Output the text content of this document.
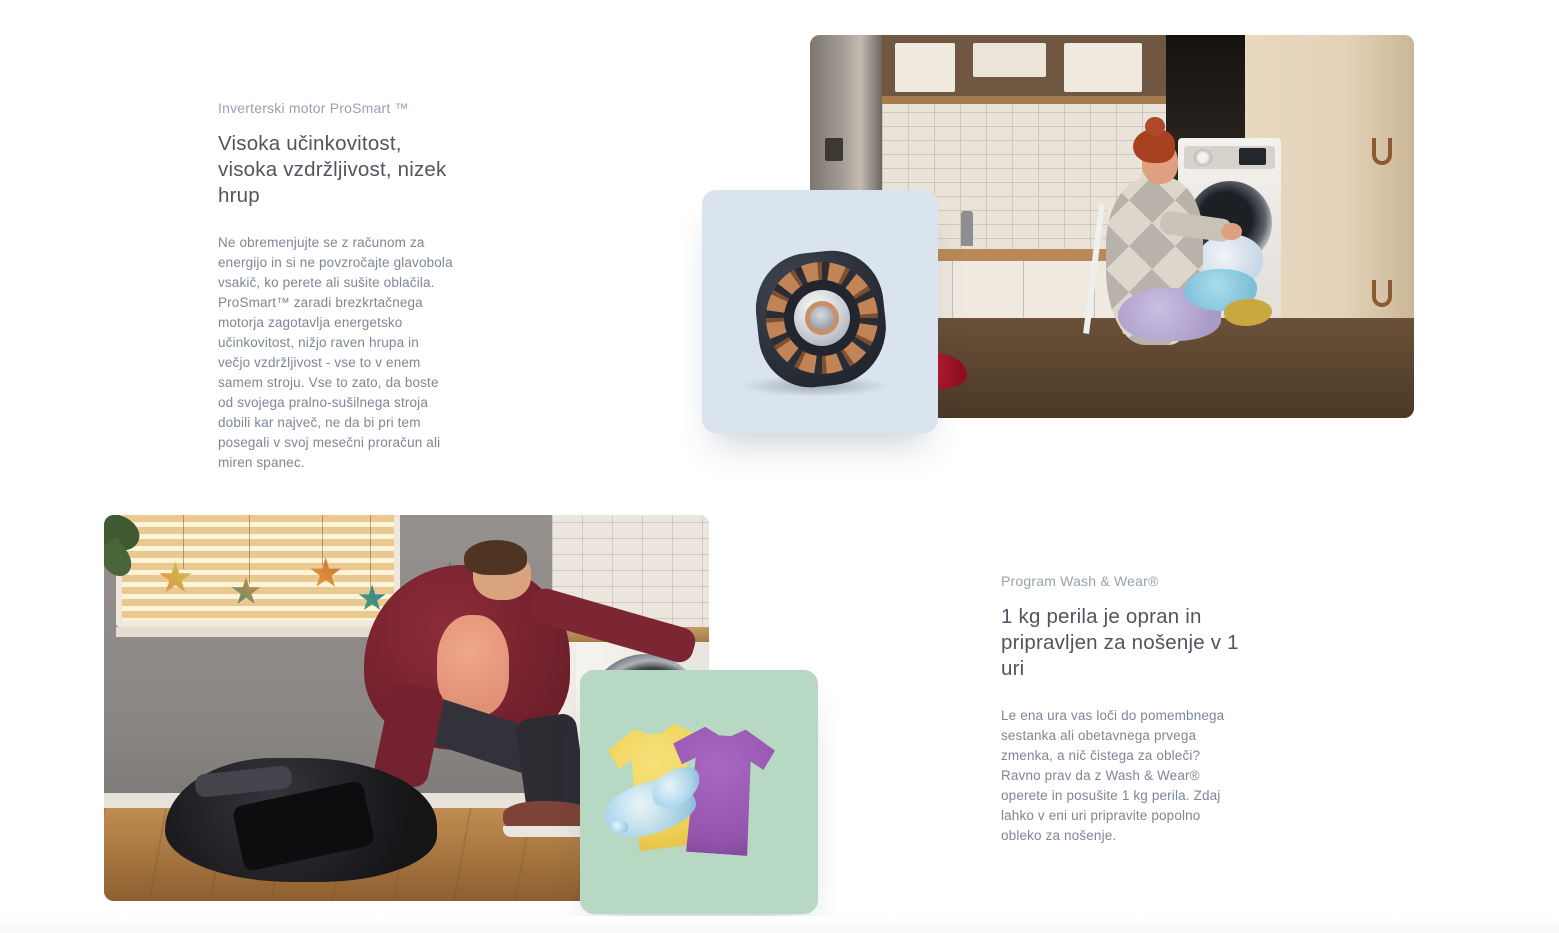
Inverterski motor ProSmart ™

Visoka učinkovitost,
visoka vzdržljivost, nizek
hrup

Ne obremenjujte se z računom za energijo in si ne povzročajte glavobola vsakič, ko perete ali sušite oblačila. ProSmart™ zaradi brezkrtačnega motorja zagotavlja energetsko učinkovitost, nižjo raven hrupa in večjo vzdržljivost - vse to v enem samem stroju. Vse to zato, da boste od svojega pralno-sušilnega stroja dobili kar največ, ne da bi pri tem posegali v svoj mesečni proračun ali miren spanec.

Program Wash & Wear®

1 kg perila je opran in
pripravljen za nošenje v 1
uri

Le ena ura vas loči do pomembnega sestanka ali obetavnega prvega zmenka, a nič čistega za obleči? Ravno prav da z Wash & Wear® operete in posušite 1 kg perila. Zdaj lahko v eni uri pripravite popolno obleko za nošenje.
